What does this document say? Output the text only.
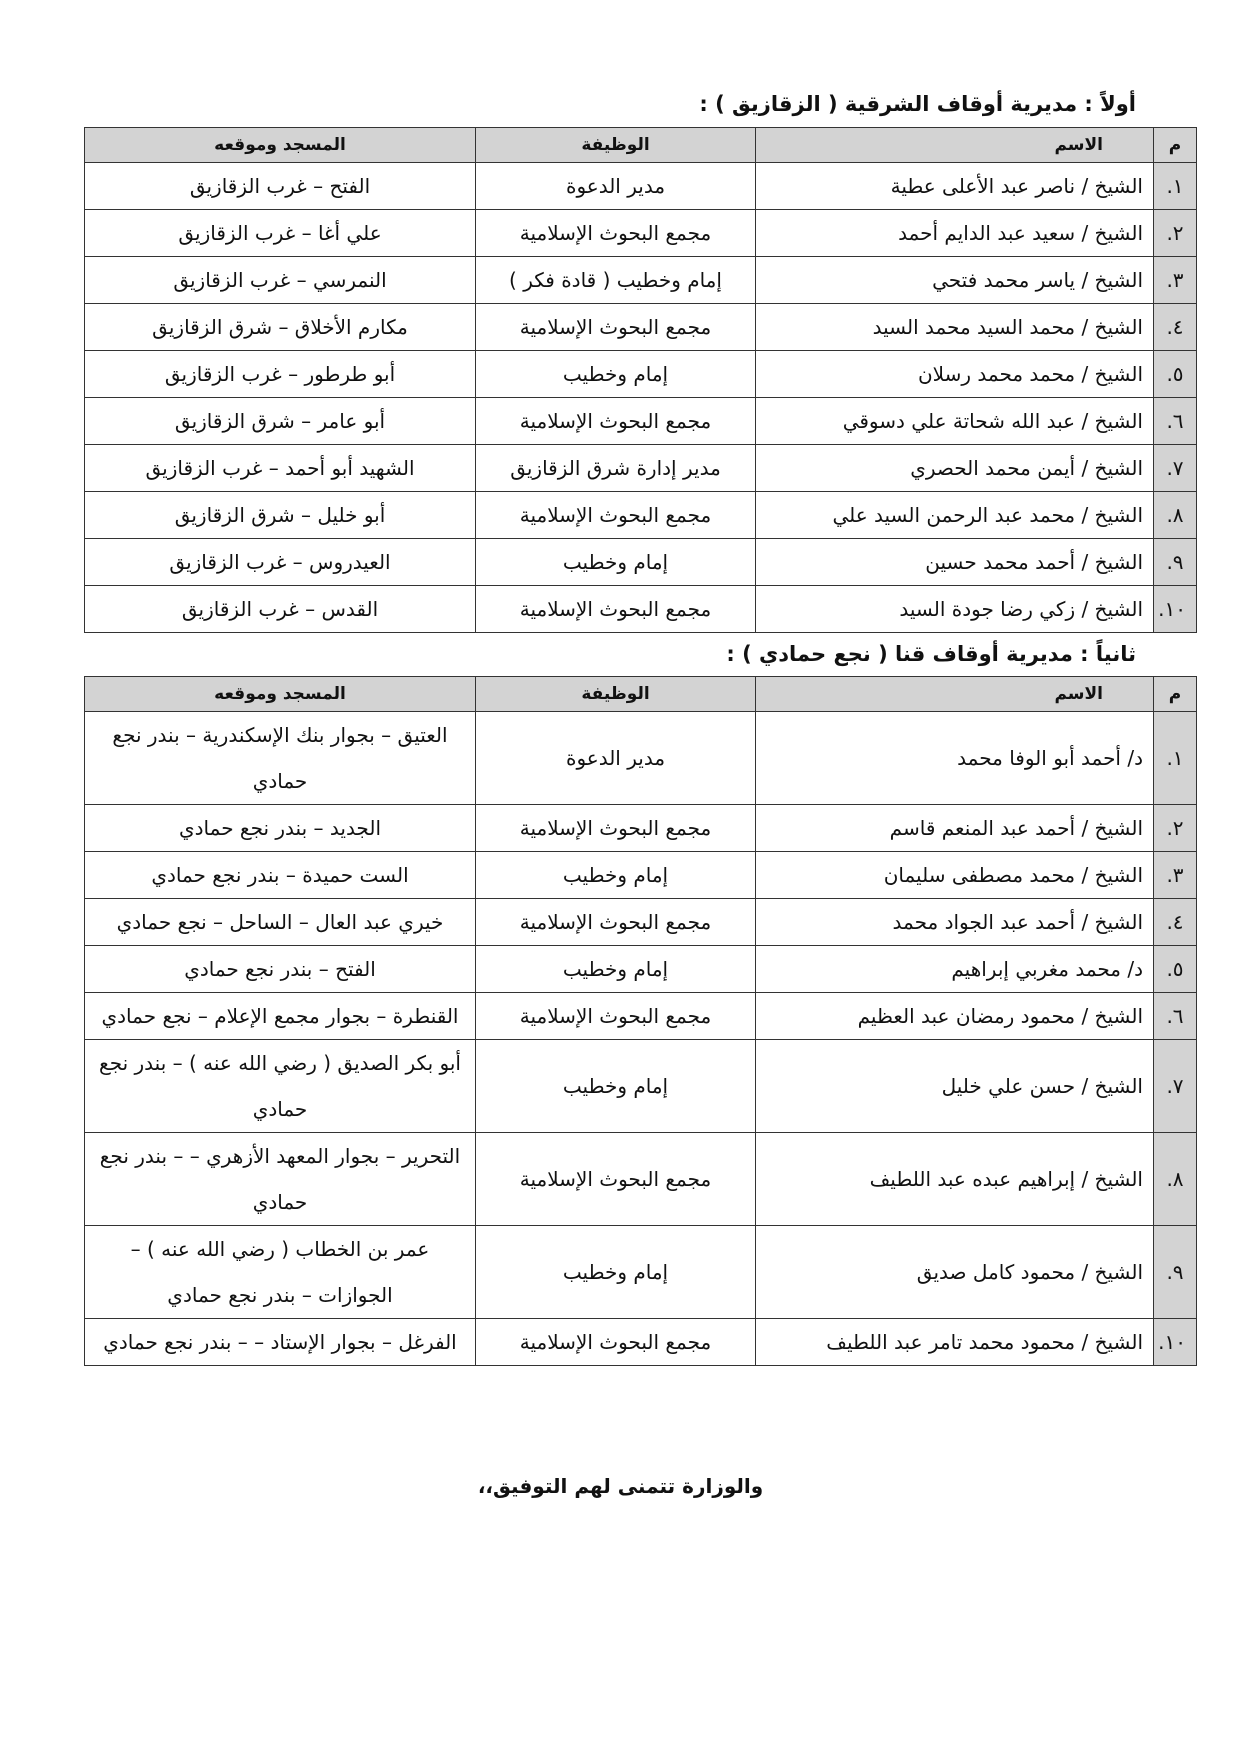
أولاً : مديرية أوقاف الشرقية ( الزقازيق ) :
م	الاسم	الوظيفة	المسجد وموقعه
١.	الشيخ / ناصر عبد الأعلى عطية	مدير الدعوة	الفتح – غرب الزقازيق
٢.	الشيخ / سعيد عبد الدايم أحمد	مجمع البحوث الإسلامية	علي أغا – غرب الزقازيق
٣.	الشيخ / ياسر محمد فتحي	إمام وخطيب ( قادة فكر )	النمرسي – غرب الزقازيق
٤.	الشيخ / محمد السيد محمد السيد	مجمع البحوث الإسلامية	مكارم الأخلاق – شرق الزقازيق
٥.	الشيخ / محمد محمد رسلان	إمام وخطيب	أبو طرطور – غرب الزقازيق
٦.	الشيخ / عبد الله شحاتة علي دسوقي	مجمع البحوث الإسلامية	أبو عامر – شرق الزقازيق
٧.	الشيخ / أيمن محمد الحصري	مدير إدارة شرق الزقازيق	الشهيد أبو أحمد – غرب الزقازيق
٨.	الشيخ / محمد عبد الرحمن السيد علي	مجمع البحوث الإسلامية	أبو خليل – شرق الزقازيق
٩.	الشيخ / أحمد محمد حسين	إمام وخطيب	العيدروس – غرب الزقازيق
١٠.	الشيخ / زكي رضا جودة السيد	مجمع البحوث الإسلامية	القدس – غرب الزقازيق
ثانياً : مديرية أوقاف قنا ( نجع حمادي ) :
م	الاسم	الوظيفة	المسجد وموقعه
١.	د/ أحمد أبو الوفا محمد	مدير الدعوة	العتيق – بجوار بنك الإسكندرية – بندر نجع حمادي
٢.	الشيخ / أحمد عبد المنعم قاسم	مجمع البحوث الإسلامية	الجديد – بندر نجع حمادي
٣.	الشيخ / محمد مصطفى سليمان	إمام وخطيب	الست حميدة – بندر نجع حمادي
٤.	الشيخ / أحمد عبد الجواد محمد	مجمع البحوث الإسلامية	خيري عبد العال – الساحل – نجع حمادي
٥.	د/ محمد مغربي إبراهيم	إمام وخطيب	الفتح – بندر نجع حمادي
٦.	الشيخ / محمود رمضان عبد العظيم	مجمع البحوث الإسلامية	القنطرة – بجوار مجمع الإعلام – نجع حمادي
٧.	الشيخ / حسن علي خليل	إمام وخطيب	أبو بكر الصديق ( رضي الله عنه ) – بندر نجع حمادي
٨.	الشيخ / إبراهيم عبده عبد اللطيف	مجمع البحوث الإسلامية	التحرير – بجوار المعهد الأزهري – – بندر نجع حمادي
٩.	الشيخ / محمود كامل صديق	إمام وخطيب	عمر بن الخطاب ( رضي الله عنه ) – الجوازات – بندر نجع حمادي
١٠.	الشيخ / محمود محمد تامر عبد اللطيف	مجمع البحوث الإسلامية	الفرغل – بجوار الإستاد – – بندر نجع حمادي
والوزارة تتمنى لهم التوفيق،،
